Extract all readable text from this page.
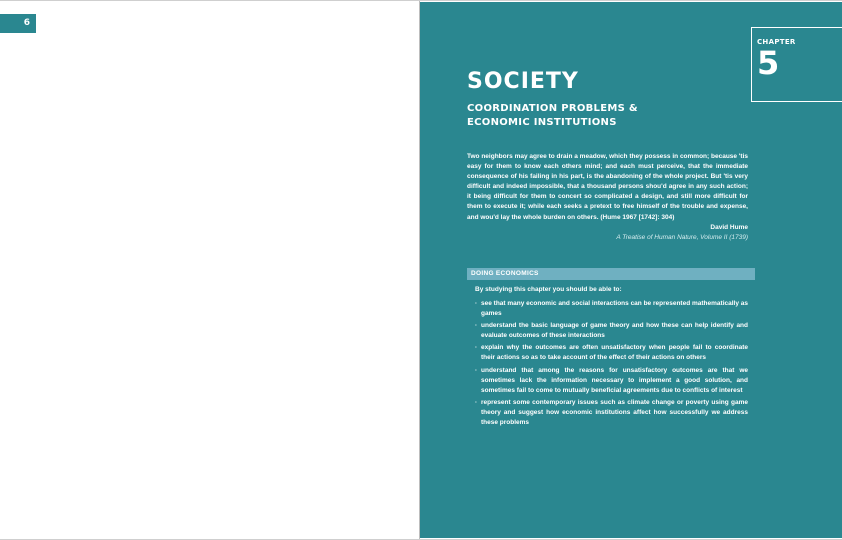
6
CHAPTER
5
SOCIETY
COORDINATION PROBLEMS &
ECONOMIC INSTITUTIONS

Two neighbors may agree to drain a meadow, which they possess in common; because 'tis easy for them to know each others mind; and each must perceive, that the immediate consequence of his failing in his part, is the abandoning of the whole project. But 'tis very difficult and indeed impossible, that a thousand persons shou'd agree in any such action; it being difficult for them to concert so complicated a design, and still more difficult for them to execute it; while each seeks a pretext to free himself of the trouble and expense, and wou'd lay the whole burden on others. (Hume 1967 [1742]: 304)

David Hume
A Treatise of Human Nature, Volume II (1739)
DOING ECONOMICS
By studying this chapter you should be able to:
· see that many economic and social interactions can be represented mathematically as games
· understand the basic language of game theory and how these can help identify and evaluate outcomes of these interactions
· explain why the outcomes are often unsatisfactory when people fail to coordinate their actions so as to take account of the effect of their actions on others
· understand that among the reasons for unsatisfactory outcomes are that we sometimes lack the information necessary to implement a good solution, and sometimes fail to come to mutually beneficial agreements due to conflicts of interest
· represent some contemporary issues such as climate change or poverty using game theory and suggest how economic institutions affect how successfully we address these problems
